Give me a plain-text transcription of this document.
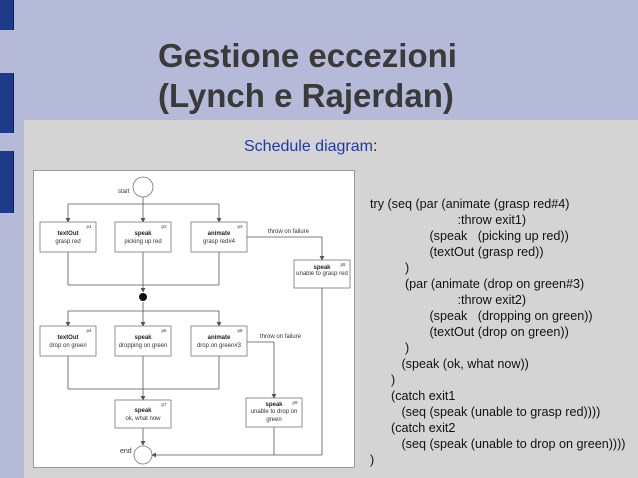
Gestione eccezioni
(Lynch e Rajerdan)
Schedule diagram:
start
end
throw on failure
throw on failure
p1
textOut
grasp red
p2
speak
picking up red
p3
animate
grasp red#4
p5
speak
unable to grasp red
p4
textOut
drop on green
p6
speak
dropping on green
p8
animate
drop on green#3
p7
speak
ok, what now
p9
speak
unable to drop on green
try (seq (par (animate (grasp red#4)
:throw exit1)
(speak   (picking up red))
(textOut (grasp red))
)
(par (animate (drop on green#3)
:throw exit2)
(speak   (dropping on green))
(textOut (drop on green))
)
(speak (ok, what now))
)
(catch exit1
(seq (speak (unable to grasp red))))
(catch exit2
(seq (speak (unable to drop on green))))
)
